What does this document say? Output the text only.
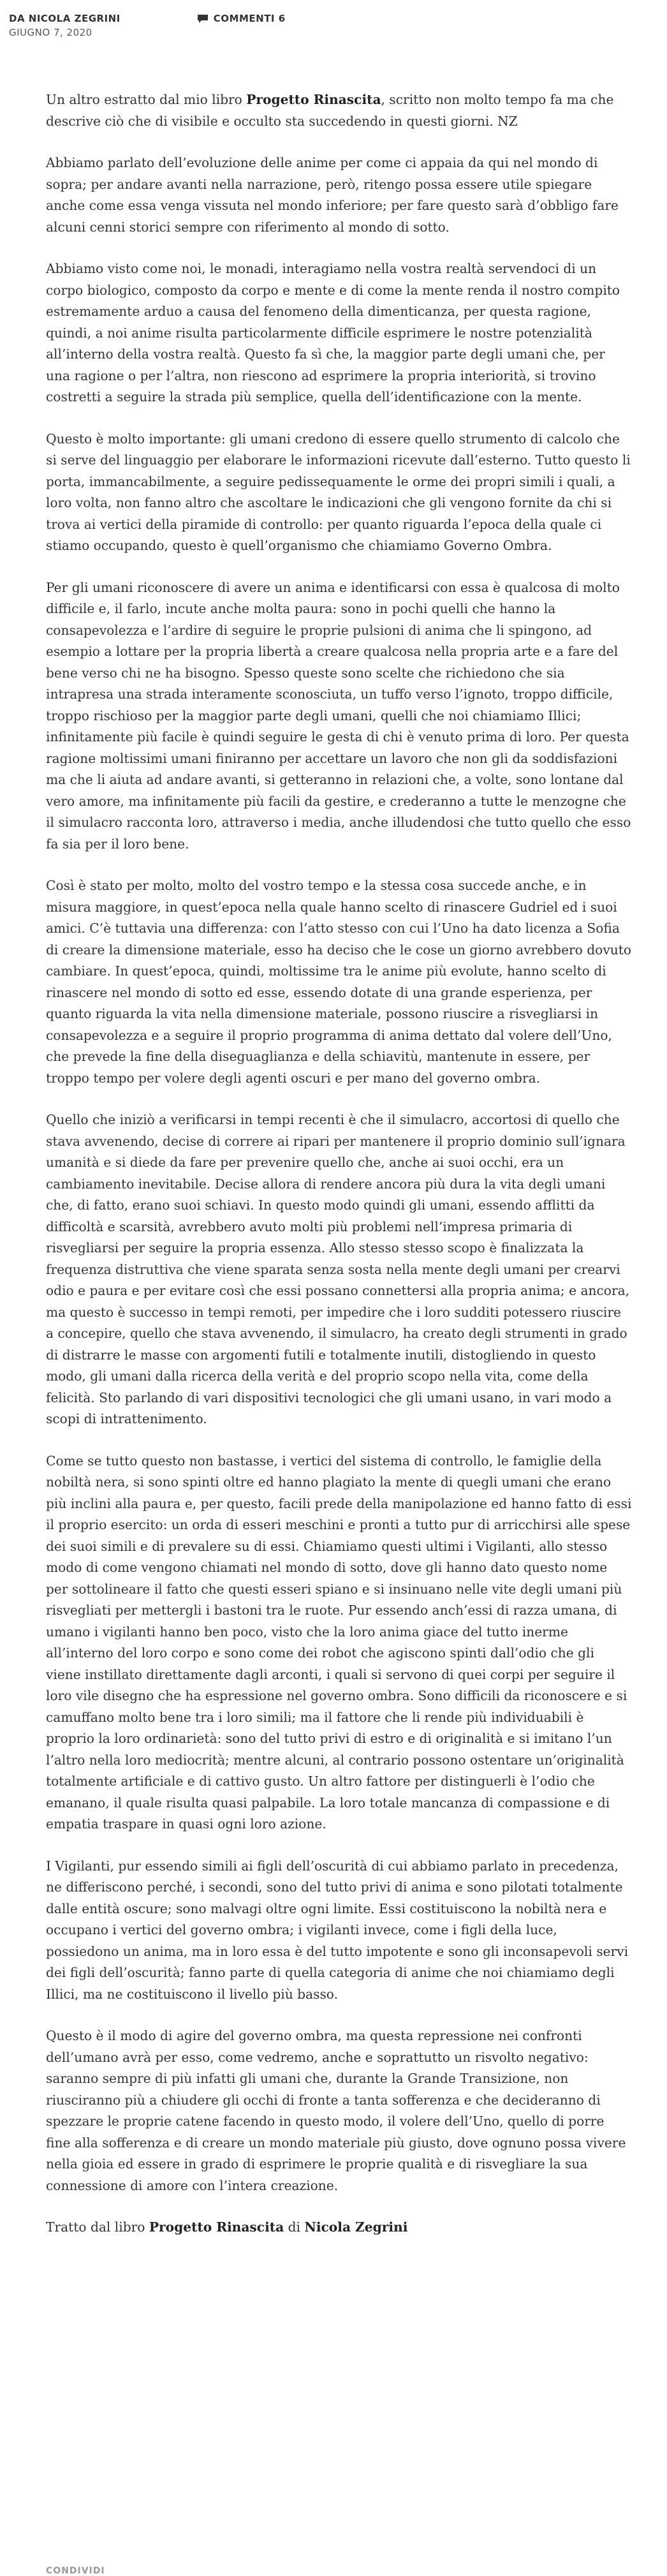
DA NICOLA ZEGRINI	COMMENTI 6
GIUGNO 7, 2020

Un altro estratto dal mio libro Progetto Rinascita, scritto non molto tempo fa ma che descrive ciò che di visibile e occulto sta succedendo in questi giorni. NZ

Abbiamo parlato dell’evoluzione delle anime per come ci appaia da qui nel mondo di sopra; per andare avanti nella narrazione, però, ritengo possa essere utile spiegare anche come essa venga vissuta nel mondo inferiore; per fare questo sarà d’obbligo fare alcuni cenni storici sempre con riferimento al mondo di sotto.

Abbiamo visto come noi, le monadi, interagiamo nella vostra realtà servendoci di un corpo biologico, composto da corpo e mente e di come la mente renda il nostro compito estremamente arduo a causa del fenomeno della dimenticanza, per questa ragione, quindi, a noi anime risulta particolarmente difficile esprimere le nostre potenzialità all’interno della vostra realtà. Questo fa sì che, la maggior parte degli umani che, per una ragione o per l’altra, non riescono ad esprimere la propria interiorità, si trovino costretti a seguire la strada più semplice, quella dell’identificazione con la mente.

Questo è molto importante: gli umani credono di essere quello strumento di calcolo che si serve del linguaggio per elaborare le informazioni ricevute dall’esterno. Tutto questo li porta, immancabilmente, a seguire pedissequamente le orme dei propri simili i quali, a loro volta, non fanno altro che ascoltare le indicazioni che gli vengono fornite da chi si trova ai vertici della piramide di controllo: per quanto riguarda l’epoca della quale ci stiamo occupando, questo è quell’organismo che chiamiamo Governo Ombra.

Per gli umani riconoscere di avere un anima e identificarsi con essa è qualcosa di molto difficile e, il farlo, incute anche molta paura: sono in pochi quelli che hanno la consapevolezza e l’ardire di seguire le proprie pulsioni di anima che li spingono, ad esempio a lottare per la propria libertà a creare qualcosa nella propria arte e a fare del bene verso chi ne ha bisogno. Spesso queste sono scelte che richiedono che sia intrapresa una strada interamente sconosciuta, un tuffo verso l’ignoto, troppo difficile, troppo rischioso per la maggior parte degli umani, quelli che noi chiamiamo Illici; infinitamente più facile è quindi seguire le gesta di chi è venuto prima di loro. Per questa ragione moltissimi umani finiranno per accettare un lavoro che non gli da soddisfazioni ma che li aiuta ad andare avanti, si getteranno in relazioni che, a volte, sono lontane dal vero amore, ma infinitamente più facili da gestire, e crederanno a tutte le menzogne che il simulacro racconta loro, attraverso i media, anche illudendosi che tutto quello che esso fa sia per il loro bene.

Così è stato per molto, molto del vostro tempo e la stessa cosa succede anche, e in misura maggiore, in quest’epoca nella quale hanno scelto di rinascere Gudriel ed i suoi amici. C’è tuttavia una differenza: con l’atto stesso con cui l’Uno ha dato licenza a Sofia di creare la dimensione materiale, esso ha deciso che le cose un giorno avrebbero dovuto cambiare. In quest’epoca, quindi, moltissime tra le anime più evolute, hanno scelto di rinascere nel mondo di sotto ed esse, essendo dotate di una grande esperienza, per quanto riguarda la vita nella dimensione materiale, possono riuscire a risvegliarsi in consapevolezza e a seguire il proprio programma di anima dettato dal volere dell’Uno, che prevede la fine della diseguaglianza e della schiavitù, mantenute in essere, per troppo tempo per volere degli agenti oscuri e per mano del governo ombra.

Quello che iniziò a verificarsi in tempi recenti è che il simulacro, accortosi di quello che stava avvenendo, decise di correre ai ripari per mantenere il proprio dominio sull’ignara umanità e si diede da fare per prevenire quello che, anche ai suoi occhi, era un cambiamento inevitabile. Decise allora di rendere ancora più dura la vita degli umani che, di fatto, erano suoi schiavi. In questo modo quindi gli umani, essendo afflitti da difficoltà e scarsità, avrebbero avuto molti più problemi nell’impresa primaria di risvegliarsi per seguire la propria essenza. Allo stesso stesso scopo è finalizzata la frequenza distruttiva che viene sparata senza sosta nella mente degli umani per crearvi odio e paura e per evitare così che essi possano connettersi alla propria anima; e ancora, ma questo è successo in tempi remoti, per impedire che i loro sudditi potessero riuscire a concepire, quello che stava avvenendo, il simulacro, ha creato degli strumenti in grado di distrarre le masse con argomenti futili e totalmente inutili, distogliendo in questo modo, gli umani dalla ricerca della verità e del proprio scopo nella vita, come della felicità. Sto parlando di vari dispositivi tecnologici che gli umani usano, in vari modo a scopi di intrattenimento.

Come se tutto questo non bastasse, i vertici del sistema di controllo, le famiglie della nobiltà nera, si sono spinti oltre ed hanno plagiato la mente di quegli umani che erano più inclini alla paura e, per questo, facili prede della manipolazione ed hanno fatto di essi il proprio esercito: un orda di esseri meschini e pronti a tutto pur di arricchirsi alle spese dei suoi simili e di prevalere su di essi. Chiamiamo questi ultimi i Vigilanti, allo stesso modo di come vengono chiamati nel mondo di sotto, dove gli hanno dato questo nome per sottolineare il fatto che questi esseri spiano e si insinuano nelle vite degli umani più risvegliati per mettergli i bastoni tra le ruote. Pur essendo anch’essi di razza umana, di umano i vigilanti hanno ben poco, visto che la loro anima giace del tutto inerme all’interno del loro corpo e sono come dei robot che agiscono spinti dall’odio che gli viene instillato direttamente dagli arconti, i quali si servono di quei corpi per seguire il loro vile disegno che ha espressione nel governo ombra. Sono difficili da riconoscere e si camuffano molto bene tra i loro simili; ma il fattore che li rende più individuabili è proprio la loro ordinarietà: sono del tutto privi di estro e di originalità e si imitano l’un l’altro nella loro mediocrità; mentre alcuni, al contrario possono ostentare un’originalità totalmente artificiale e di cattivo gusto. Un altro fattore per distinguerli è l’odio che emanano, il quale risulta quasi palpabile. La loro totale mancanza di compassione e di empatia traspare in quasi ogni loro azione.

I Vigilanti, pur essendo simili ai figli dell’oscurità di cui abbiamo parlato in precedenza, ne differiscono perché, i secondi, sono del tutto privi di anima e sono pilotati totalmente dalle entità oscure; sono malvagi oltre ogni limite. Essi costituiscono la nobiltà nera e occupano i vertici del governo ombra; i vigilanti invece, come i figli della luce, possiedono un anima, ma in loro essa è del tutto impotente e sono gli inconsapevoli servi dei figli dell’oscurità; fanno parte di quella categoria di anime che noi chiamiamo degli Illici, ma ne costituiscono il livello più basso.

Questo è il modo di agire del governo ombra, ma questa repressione nei confronti dell’umano avrà per esso, come vedremo, anche e soprattutto un risvolto negativo: saranno sempre di più infatti gli umani che, durante la Grande Transizione, non riusciranno più a chiudere gli occhi di fronte a tanta sofferenza e che decideranno di spezzare le proprie catene facendo in questo modo, il volere dell’Uno, quello di porre fine alla sofferenza e di creare un mondo materiale più giusto, dove ognuno possa vivere nella gioia ed essere in grado di esprimere le proprie qualità e di risvegliare la sua connessione di amore con l’intera creazione.

Tratto dal libro Progetto Rinascita di Nicola Zegrini

CONDIVIDI
